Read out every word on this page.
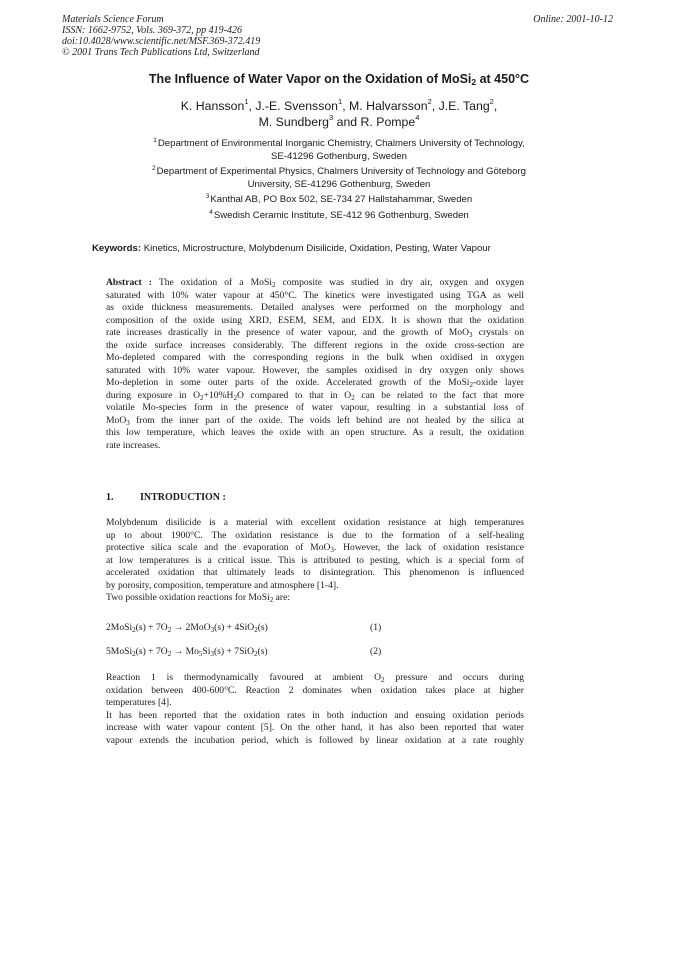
Materials Science Forum
ISSN: 1662-9752, Vols. 369-372, pp 419-426
doi:10.4028/www.scientific.net/MSF.369-372.419
© 2001 Trans Tech Publications Ltd, Switzerland
Online: 2001-10-12
The Influence of Water Vapor on the Oxidation of MoSi$_2$ at 450°C
K. Hansson$^1$, J.-E. Svensson$^1$, M. Halvarsson$^2$, J.E. Tang$^2$,
M. Sundberg$^3$ and R. Pompe$^4$
$^1$Department of Environmental Inorganic Chemistry, Chalmers University of Technology,
SE-41296 Gothenburg, Sweden
$^2$Department of Experimental Physics, Chalmers University of Technology and Göteborg
University, SE-41296 Gothenburg, Sweden
$^3$Kanthal AB, PO Box 502, SE-734 27 Hallstahammar, Sweden
$^4$Swedish Ceramic Institute, SE-412 96 Gothenburg, Sweden
Keywords: Kinetics, Microstructure, Molybdenum Disilicide, Oxidation, Pesting, Water Vapour
Abstract : The oxidation of a MoSi$_2$ composite was studied in dry air, oxygen and oxygen
saturated with 10% water vapour at 450°C. The kinetics were investigated using TGA as well
as oxide thickness measurements. Detailed analyses were performed on the morphology and
composition of the oxide using XRD, ESEM, SEM, and EDX. It is shown that the oxidation
rate increases drastically in the presence of water vapour, and the growth of MoO$_3$ crystals on
the oxide surface increases considerably. The different regions in the oxide cross-section are
Mo-depleted compared with the corresponding regions in the bulk when oxidised in oxygen
saturated with 10% water vapour. However, the samples oxidised in dry oxygen only shows
Mo-depletion in some outer parts of the oxide. Accelerated growth of the MoSi$_2$-oxide layer
during exposure in $O_2+10\%H_2O$ compared to that in $O_2$ can be related to the fact that more
volatile Mo-species form in the presence of water vapour, resulting in a substantial loss of
MoO$_3$ from the inner part of the oxide. The voids left behind are not healed by the silica at
this low temperature, which leaves the oxide with an open structure. As a result, the oxidation
rate increases.
1.	INTRODUCTION :
Molybdenum disilicide is a material with excellent oxidation resistance at high temperatures
up to about 1900°C. The oxidation resistance is due to the formation of a self-healing
protective silica scale and the evaporation of MoO$_3$. However, the lack of oxidation resistance
at low temperatures is a critical issue. This is attributed to pesting, which is a special form of
accelerated oxidation that ultimately leads to disintegration. This phenomenon is influenced
by porosity, composition, temperature and atmosphere [1-4].
Two possible oxidation reactions for MoSi$_2$ are:
2MoSi$_2$(s) + $7O_2 \to 2MoO_3(s) + 4SiO_2(s)$	(1)
5MoSi$_2$(s) + $7O_2 \to Mo_5Si_3(s) + 7SiO_2(s)$	(2)
Reaction 1 is thermodynamically favoured at ambient $O_2$ pressure and occurs during
oxidation between 400-600°C. Reaction 2 dominates when oxidation takes place at higher
temperatures [4].
It has been reported that the oxidation rates in both induction and ensuing oxidation periods
increase with water vapour content [5]. On the other hand, it has also been reported that water
vapour extends the incubation period, which is followed by linear oxidation at a rate roughly
